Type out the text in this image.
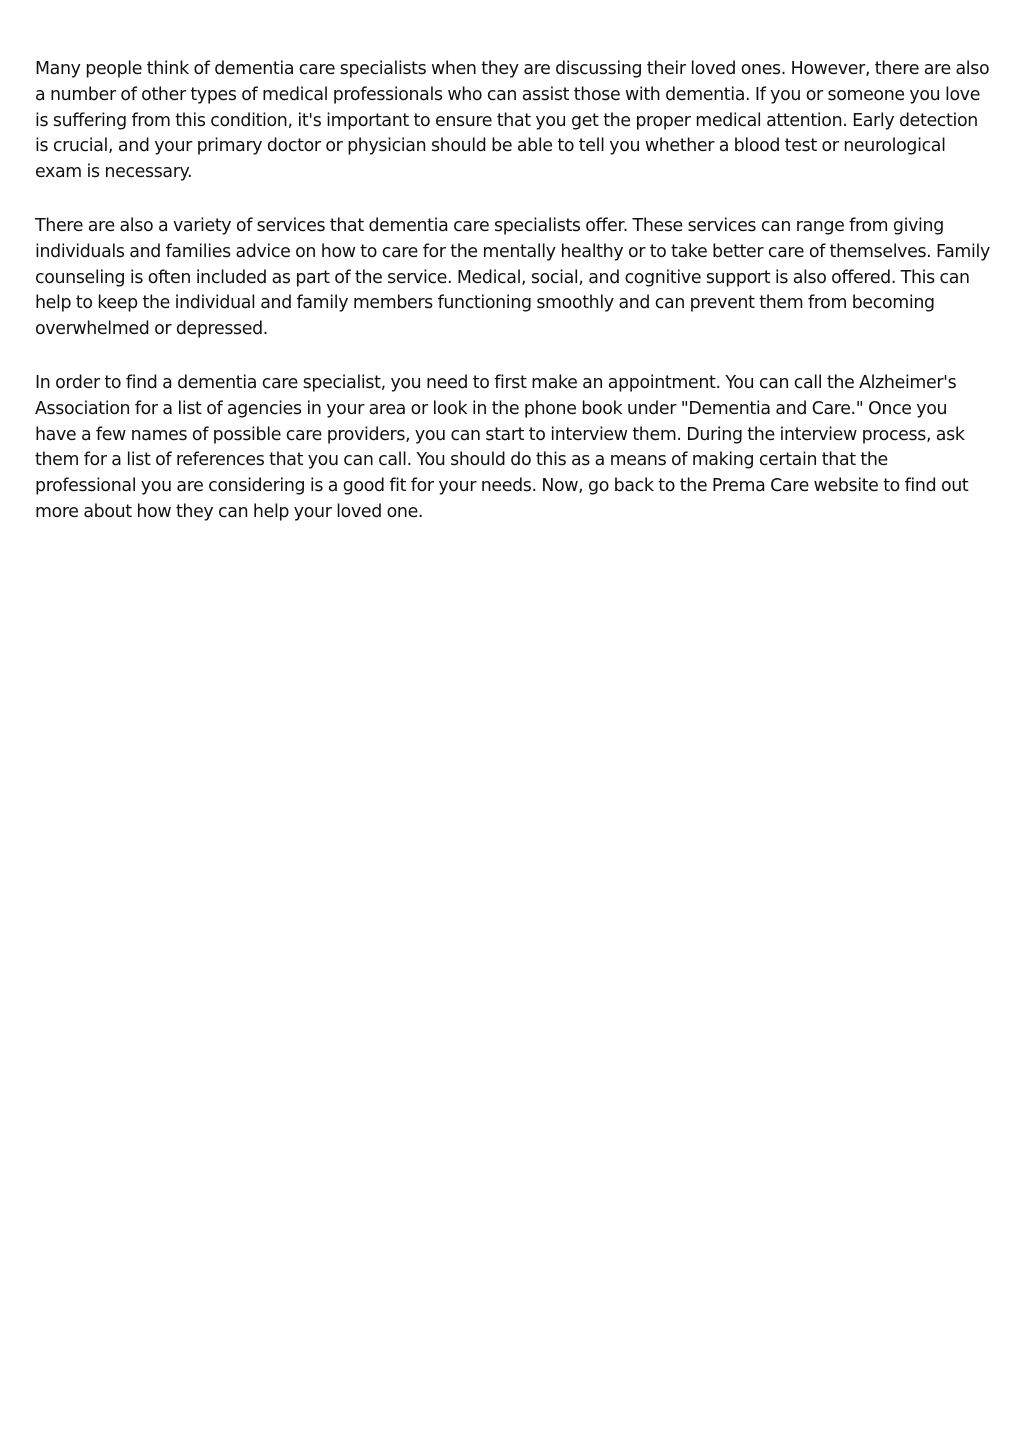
Many people think of dementia care specialists when they are discussing their loved ones. However, there are also a number of other types of medical professionals who can assist those with dementia. If you or someone you love is suffering from this condition, it's important to ensure that you get the proper medical attention. Early detection is crucial, and your primary doctor or physician should be able to tell you whether a blood test or neurological exam is necessary.

There are also a variety of services that dementia care specialists offer. These services can range from giving individuals and families advice on how to care for the mentally healthy or to take better care of themselves. Family counseling is often included as part of the service. Medical, social, and cognitive support is also offered. This can help to keep the individual and family members functioning smoothly and can prevent them from becoming overwhelmed or depressed.

In order to find a dementia care specialist, you need to first make an appointment. You can call the Alzheimer's Association for a list of agencies in your area or look in the phone book under "Dementia and Care." Once you have a few names of possible care providers, you can start to interview them. During the interview process, ask them for a list of references that you can call. You should do this as a means of making certain that the professional you are considering is a good fit for your needs. Now, go back to the Prema Care website to find out more about how they can help your loved one.
